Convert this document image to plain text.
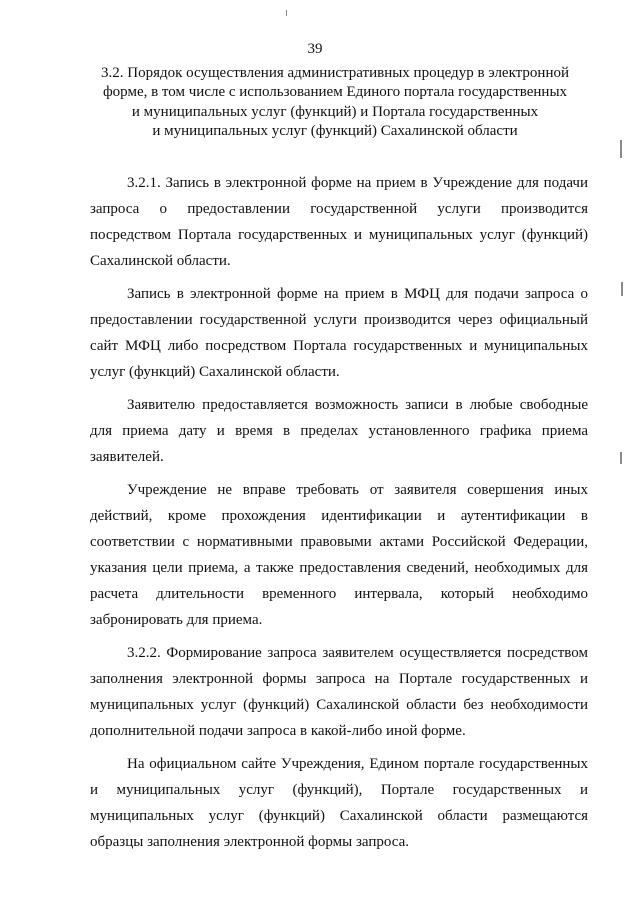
39
3.2. Порядок осуществления административных процедур в электронной
форме, в том числе с использованием Единого портала государственных
и муниципальных услуг (функций) и Портала государственных
и муниципальных услуг (функций) Сахалинской области
3.2.1. Запись в электронной форме на прием в Учреждение для подачи
запроса о предоставлении государственной услуги производится
посредством Портала государственных и муниципальных услуг (функций)
Сахалинской области.
Запись в электронной форме на прием в МФЦ для подачи запроса о
предоставлении государственной услуги производится через официальный
сайт МФЦ либо посредством Портала государственных и муниципальных
услуг (функций) Сахалинской области.
Заявителю предоставляется возможность записи в любые свободные
для приема дату и время в пределах установленного графика приема
заявителей.
Учреждение не вправе требовать от заявителя совершения иных
действий, кроме прохождения идентификации и аутентификации в
соответствии с нормативными правовыми актами Российской Федерации,
указания цели приема, а также предоставления сведений, необходимых для
расчета длительности временного интервала, который необходимо
забронировать для приема.
3.2.2. Формирование запроса заявителем осуществляется посредством
заполнения электронной формы запроса на Портале государственных и
муниципальных услуг (функций) Сахалинской области без необходимости
дополнительной подачи запроса в какой-либо иной форме.
На официальном сайте Учреждения, Едином портале государственных
и муниципальных услуг (функций), Портале государственных и
муниципальных услуг (функций) Сахалинской области размещаются
образцы заполнения электронной формы запроса.
